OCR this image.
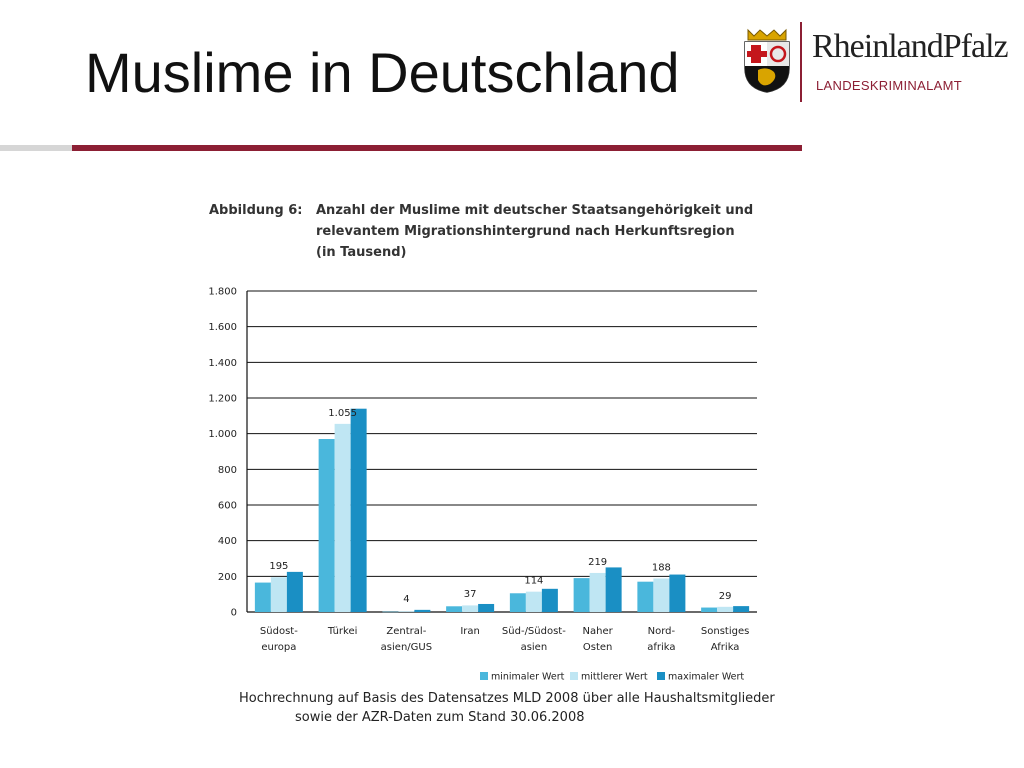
Muslime in Deutschland	RheinlandPfalz
LANDESKRIMINALAMT
Abbildung 6: Anzahl der Muslime mit deutscher Staatsangehörigkeit und
relevantem Migrationshintergrund nach Herkunftsregion
(in Tausend)
0
200
400
600
800
1.000
1.200
1.400
1.600
1.800
195
Südost-
europa
1.055
Türkei
4
Zentral-
asien/GUS
37
Iran
114
Süd-/Südost-
asien
219
Naher
Osten
188
Nord-
afrika
29
Sonstiges
Afrika
minimaler Wert mittlerer Wert maximaler Wert
Hochrechnung auf Basis des Datensatzes MLD 2008 über alle Haushaltsmitglieder
sowie der AZR-Daten zum Stand 30.06.2008
